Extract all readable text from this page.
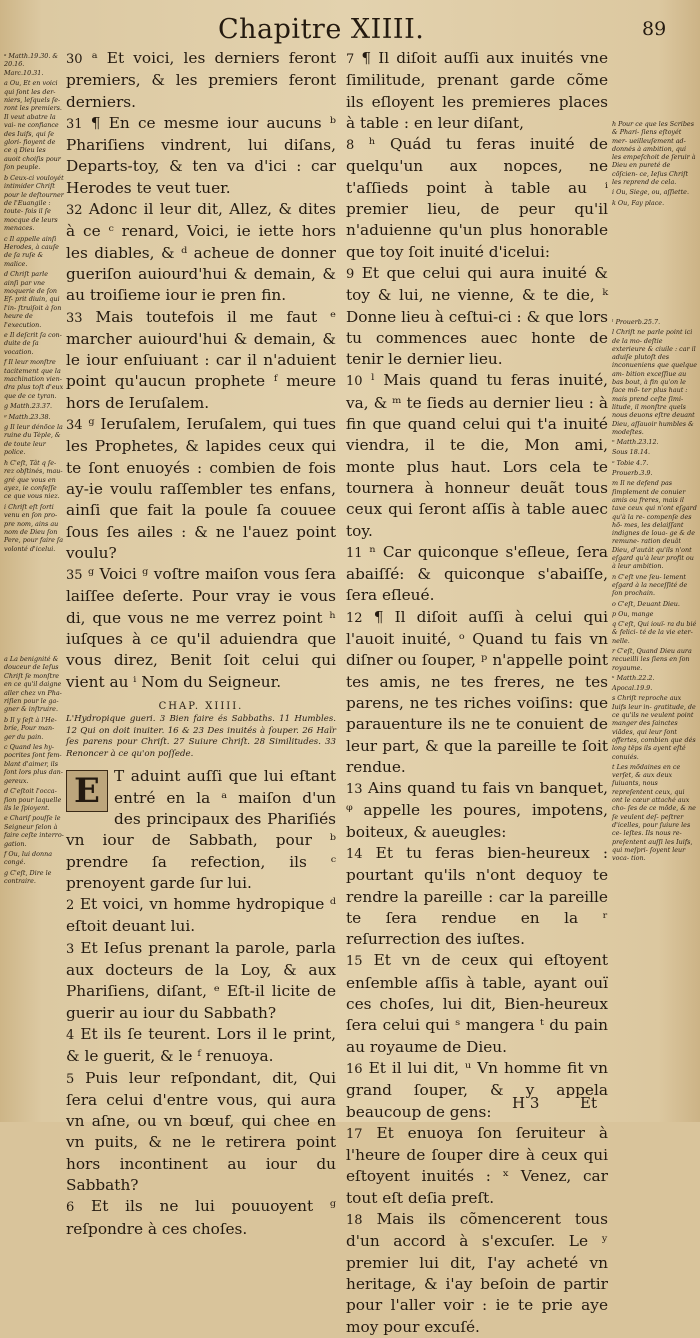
Chapitre XIIII.	89

ᵃ Matth.19.30. & 20.16. Marc.10.31.

a Ou, Et en voici qui ſont les der- niers, leſquels ſe- ront les premiers. Il veut abatre la vai- ne confiance des Iuifs, qui ſe glori- fioyent de ce q Dieu les auoit choiſis pour ſon peuple.

b Ceux-ci vouloyét intimider Chriſt pour le deſtourner de l'Euangile : toute- fois il ſe mocque de leurs menaces.

c Il appelle ainſi Herodes, à cauſe de ſa ruſe & malice.

d Chriſt parle ainſi par vne moquerie de ſon Ef- prit diuin, qui l'in- ſtruiſoit à ſon heure de l'execution.

e Il deſcrit ſa con- duite de ſa vocation.

f Il leur monſtre tacitement que la machination vien- dra plus toſt d'eux que de ce tyran.

g Matth.23.37.

ᵍ Matth.23.38.

g Il leur dénõce la ruine du Tèple, & de toute leur police.

h C'eſt, Tât q ſe- rez obſtinés, mau- gré que vous en ayez, ie confeſſe ce que vous niez.

i Chriſt eſt ſorti venu en ſon pro- pre nom, ains au nom de Dieu ſon Pere, pour faire ſa volonté d'icelui.

a La benignité & douceur de Ieſus Chriſt ſe monſtre en ce qu'il daigne aller chez vn Pha- riſien pour le ga- gner & inſtruire.

b Il y ſeſt à l'He- bríe, Pour man- ger du pain.

c Quand les hy- pocrites ſont fem- blant d'aimer, ils ſont lors plus dan- gereux.

d C'eſtoit l'occa- ſion pour laquelle ils le ſpioyent.

e Chariſ pouſſe le Seigneur ſelon à faire ceſte interro- gation.

f Ou, lui donna congé.

g C'eſt, Dire le contraire.

30 ᵃ Et voici, les derniers feront premiers, & les premiers feront derniers.

31 ¶ En ce mesme iour aucuns ᵇ Phariſiens vindrent, lui diſans, Departs-toy, & ten va d'ici : car Herodes te veut tuer.

32 Adonc il leur dit, Allez, & dites à ce ᶜ renard, Voici, ie iette hors les diables, & ᵈ acheue de donner gueriſon auiourd'hui & demain, & au troiſieme iour ie pren fin.

33 Mais toutefois il me faut ᵉ marcher auiourd'hui & demain, & le iour enſuiuant : car il n'aduient point qu'aucun prophete ᶠ meure hors de Ieruſalem.

34 ᵍ Ieruſalem, Ieruſalem, qui tues les Prophetes, & lapides ceux qui te ſont enuoyés : combien de fois ay-ie voulu raſſembler tes enfans, ainſi que fait la poule ſa couuee ſous ſes ailes : & ne l'auez point voulu?

35 ᵍ Voici ᵍ voſtre maiſon vous ſera laiſſee deſerte. Pour vray ie vous di, que vous ne me verrez point ʰ iuſques à ce qu'il aduiendra que vous direz, Benit ſoit celui qui vient au ⁱ Nom du Seigneur.

CHAP. XIIII.
L'Hydropique gueri. 3 Bien faire és Sabbaths. 11 Humbles. 12 Qui on doit inuiter. 16 & 23 Des inuités à ſouper. 26 Haïr ſes parens pour Chriſt. 27 Suiure Chriſt. 28 Similitudes. 33 Renoncer à ce qu'on poſſede.
E T aduint auſſi que lui eſtant entré en la ᵃ maiſon d'un des principaux des Phariſiés vn iour de Sabbath, pour ᵇ prendre ſa refection, ils ᶜ prenoyent garde ſur lui.

2 Et voici, vn homme hydropique ᵈ eſtoit deuant lui.

3 Et Ieſus prenant la parole, parla aux docteurs de la Loy, & aux Phariſiens, diſant, ᵉ Eſt-il licite de guerir au iour du Sabbath?

4 Et ils ſe teurent. Lors il le print, & le guerit, & le ᶠ renuoya.

5 Puis leur reſpondant, dit, Qui ſera celui d'entre vous, qui aura vn aſne, ou vn bœuf, qui chee en vn puits, & ne le retirera point hors incontinent au iour du Sabbath?

6 Et ils ne lui pouuoyent ᵍ reſpondre à ces choſes.

7 ¶ Il diſoit auſſi aux inuités vne ſimilitude, prenant garde cõme ils eſloyent les premieres places à table : en leur diſant,

8 ʰ Quád tu feras inuité de quelqu'un aux nopces, ne t'aſſieds point à table au ⁱ premier lieu, de peur qu'il n'aduienne qu'un plus honorable que toy ſoit inuité d'icelui:

9 Et que celui qui aura inuité & toy & lui, ne vienne, & te die, ᵏ Donne lieu à ceſtui-ci : & que lors tu commences auec honte de tenir le dernier lieu.

10 ˡ Mais quand tu feras inuité, va, & ᵐ te ſieds au dernier lieu : à fin que quand celui qui t'a inuité viendra, il te die, Mon ami, monte plus haut. Lors cela te tournera à honneur deuãt tous ceux qui ſeront aſſis à table auec toy.

11 ⁿ Car quiconque s'eſleue, ſera abaiſſé: & quiconque s'abaiſſe, ſera eſleué.

12 ¶ Il diſoit auſſi à celui qui l'auoit inuité, ᵒ Quand tu fais vn diſner ou ſouper, ᵖ n'appelle point tes amis, ne tes freres, ne tes parens, ne tes riches voiſins: que parauenture ils ne te conuient de leur part, & que la pareille te ſoit rendue.

13 Ains quand tu fais vn banquet, ᵠ appelle les poures, impotens, boiteux, & aueugles:

14 Et tu feras bien-heureux : pourtant qu'ils n'ont dequoy te rendre la pareille : car la pareille te ſera rendue en la ʳ reſurrection des iuſtes.

15 Et vn de ceux qui eſtoyent enſemble aſſis à table, ayant ouï ces choſes, lui dit, Bien-heureux ſera celui qui ˢ mangera ᵗ du pain au royaume de Dieu.

16 Et il lui dit, ᵘ Vn homme fit vn grand ſouper, & y appela beaucoup de gens:

17 Et enuoya ſon ſeruiteur à l'heure de ſouper dire à ceux qui eſtoyent inuités : ˣ Venez, car tout eſt deſia preſt.

18 Mais ils cõmencerent tous d'un accord à s'excuſer. Le ʸ premier lui dit, I'ay acheté vn heritage, & i'ay beſoin de partir pour l'aller voir : ie te prie aye moy pour excuſé.

H 3	Et

h Pour ce que les Scribes & Phari- ſiens eſtoyét mer- ueilleuſement ad- donnés à ambition, qui les empeſchoit de ſeruir à Dieu en pureté de cõſcien- ce, Ieſus Chriſt les reprend de cela.

i Ou, Siege, ou, aſſiette.

k Ou, Fay place.

ˡ Prouerb.25.7.

l Chriſt ne parle point ici de la mo- deſtie exterieure & ciuile : car il aduiſe plutoſt des inconueniens que quelque am- bition exceſſiue au bas bout, à fin qu'on le face mõ- ter plus haut : mais prend ceſte ſimi- litude, il monſtre quels nous deuons eſtre deuant Dieu, aſſauoir humbles & modeſtes.

ⁿ Matth.23.12.

Sous 18.14.

ᵒ Tobie 4.7.

Prouerb.3.9.

m Il ne defend pas ſimplement de conuier amis ou freres, mais il taxe ceux qui n'ont eſgard qu'à la re- compenſe des hõ- mes, les delaiſſant indignes de loua- ge & de remune- ration deuât Dieu, d'autât qu'ils n'ont eſgard qu'à leur profit ou à leur ambition.

n C'eſt vne ſeu- lement eſgard à la neceſſité de ſon prochain.

o C'eſt, Deuant Dieu.

p Ou, mange

q C'eſt, Qui iouï- ra du bié & felici- té de la vie eter- nelle.

r C'eſt, Quand Dieu aura recueilli les ſiens en ſon royaume.

ᵘ Matth.22.2.

Apocal.19.9.

s Chriſt reproche aux Iuifs leur in- gratitude, de ce qu'ils ne veulent point manger des ſainctes viãdes, qui leur ſont offertes, combien que dés long tëps ils ayent eſté conuiés.

t Les mõdaines en ce verſet, & aux deux ſuiuants, nous repreſentent ceux, qui ont le cœur attaché aux cho- ſes de ce mõde, & ne ſe veulent deſ- peſtrer d'icelles, pour ſuiure les ce- leſtes. Ils nous re- preſentent auſſi les Iuifs, qui meſpri- ſoyent leur voca- tion.
